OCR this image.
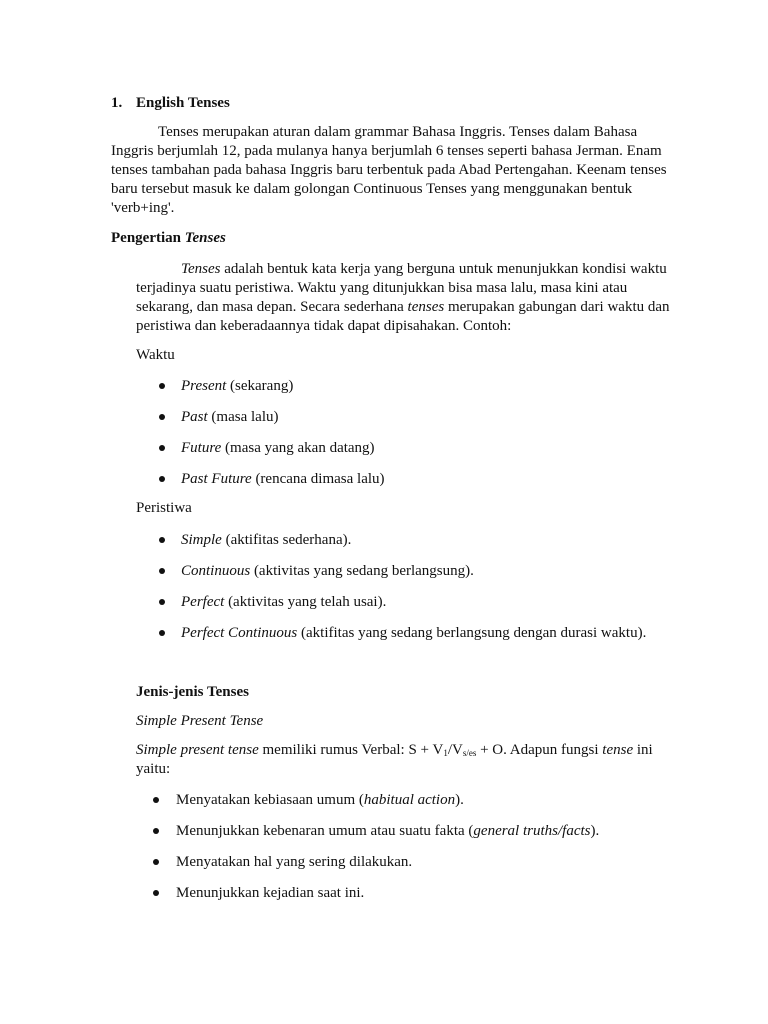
1. English Tenses
Tenses merupakan aturan dalam grammar Bahasa Inggris. Tenses dalam Bahasa
Inggris berjumlah 12, pada mulanya hanya berjumlah 6 tenses seperti bahasa Jerman. Enam
tenses tambahan pada bahasa Inggris baru terbentuk pada Abad Pertengahan. Keenam tenses
baru tersebut masuk ke dalam golongan Continuous Tenses yang menggunakan bentuk
'verb+ing'.
Pengertian Tenses
Tenses adalah bentuk kata kerja yang berguna untuk menunjukkan kondisi waktu
terjadinya suatu peristiwa. Waktu yang ditunjukkan bisa masa lalu, masa kini atau
sekarang, dan masa depan. Secara sederhana tenses merupakan gabungan dari waktu dan
peristiwa dan keberadaannya tidak dapat dipisahakan. Contoh:
Waktu
Present (sekarang)
Past (masa lalu)
Future (masa yang akan datang)
Past Future (rencana dimasa lalu)
Peristiwa
Simple (aktifitas sederhana).
Continuous (aktivitas yang sedang berlangsung).
Perfect (aktivitas yang telah usai).
Perfect Continuous (aktifitas yang sedang berlangsung dengan durasi waktu).
Jenis-jenis Tenses
Simple Present Tense
Simple present tense memiliki rumus Verbal: $S + V_1/V_{s/es} + O$. Adapun fungsi tense ini
yaitu:
Menyatakan kebiasaan umum (habitual action).
Menunjukkan kebenaran umum atau suatu fakta (general truths/facts).
Menyatakan hal yang sering dilakukan.
Menunjukkan kejadian saat ini.
